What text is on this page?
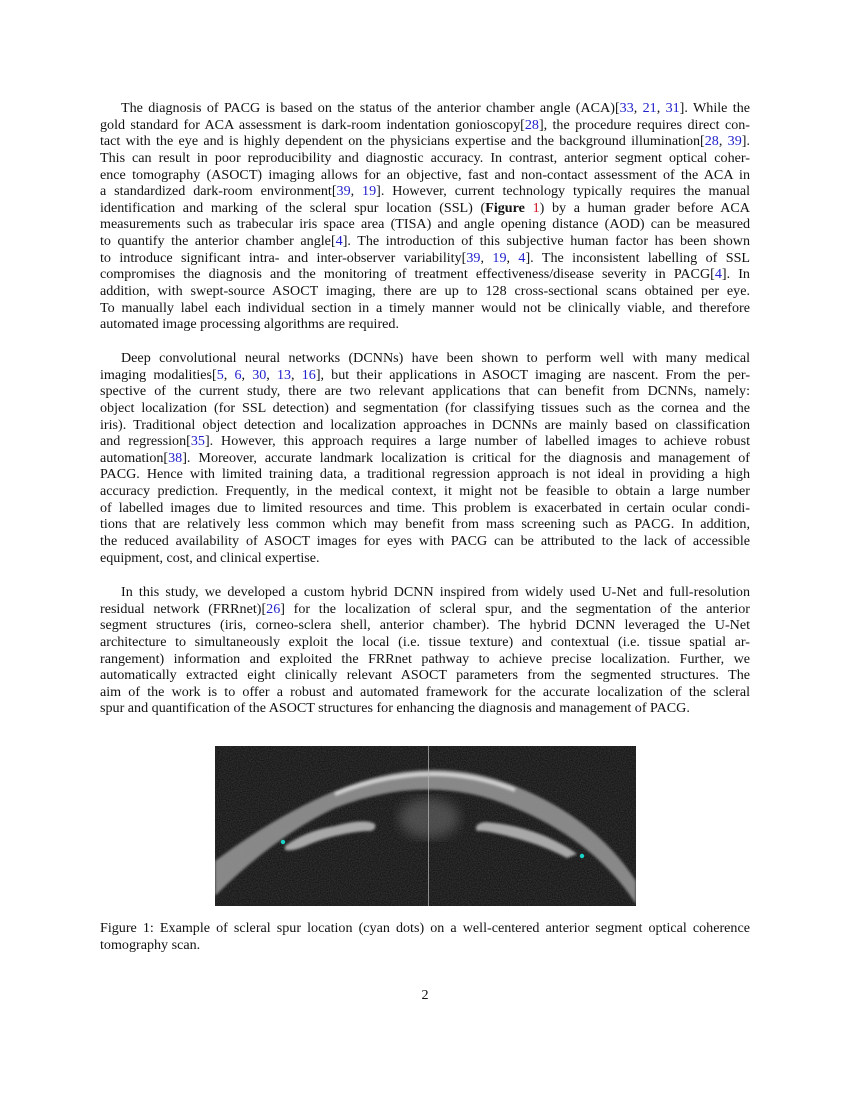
The diagnosis of PACG is based on the status of the anterior chamber angle (ACA)[33, 21, 31]. While the
gold standard for ACA assessment is dark-room indentation gonioscopy[28], the procedure requires direct con-
tact with the eye and is highly dependent on the physicians expertise and the background illumination[28, 39].
This can result in poor reproducibility and diagnostic accuracy. In contrast, anterior segment optical coher-
ence tomography (ASOCT) imaging allows for an objective, fast and non-contact assessment of the ACA in
a standardized dark-room environment[39, 19]. However, current technology typically requires the manual
identification and marking of the scleral spur location (SSL) (Figure 1) by a human grader before ACA
measurements such as trabecular iris space area (TISA) and angle opening distance (AOD) can be measured
to quantify the anterior chamber angle[4]. The introduction of this subjective human factor has been shown
to introduce significant intra- and inter-observer variability[39, 19, 4]. The inconsistent labelling of SSL
compromises the diagnosis and the monitoring of treatment effectiveness/disease severity in PACG[4]. In
addition, with swept-source ASOCT imaging, there are up to 128 cross-sectional scans obtained per eye.
To manually label each individual section in a timely manner would not be clinically viable, and therefore
automated image processing algorithms are required.
Deep convolutional neural networks (DCNNs) have been shown to perform well with many medical
imaging modalities[5, 6, 30, 13, 16], but their applications in ASOCT imaging are nascent. From the per-
spective of the current study, there are two relevant applications that can benefit from DCNNs, namely:
object localization (for SSL detection) and segmentation (for classifying tissues such as the cornea and the
iris). Traditional object detection and localization approaches in DCNNs are mainly based on classification
and regression[35]. However, this approach requires a large number of labelled images to achieve robust
automation[38]. Moreover, accurate landmark localization is critical for the diagnosis and management of
PACG. Hence with limited training data, a traditional regression approach is not ideal in providing a high
accuracy prediction. Frequently, in the medical context, it might not be feasible to obtain a large number
of labelled images due to limited resources and time. This problem is exacerbated in certain ocular condi-
tions that are relatively less common which may benefit from mass screening such as PACG. In addition,
the reduced availability of ASOCT images for eyes with PACG can be attributed to the lack of accessible
equipment, cost, and clinical expertise.
In this study, we developed a custom hybrid DCNN inspired from widely used U-Net and full-resolution
residual network (FRRnet)[26] for the localization of scleral spur, and the segmentation of the anterior
segment structures (iris, corneo-sclera shell, anterior chamber). The hybrid DCNN leveraged the U-Net
architecture to simultaneously exploit the local (i.e. tissue texture) and contextual (i.e. tissue spatial ar-
rangement) information and exploited the FRRnet pathway to achieve precise localization. Further, we
automatically extracted eight clinically relevant ASOCT parameters from the segmented structures. The
aim of the work is to offer a robust and automated framework for the accurate localization of the scleral
spur and quantification of the ASOCT structures for enhancing the diagnosis and management of PACG.
Figure 1: Example of scleral spur location (cyan dots) on a well-centered anterior segment optical coherence
tomography scan.
2
